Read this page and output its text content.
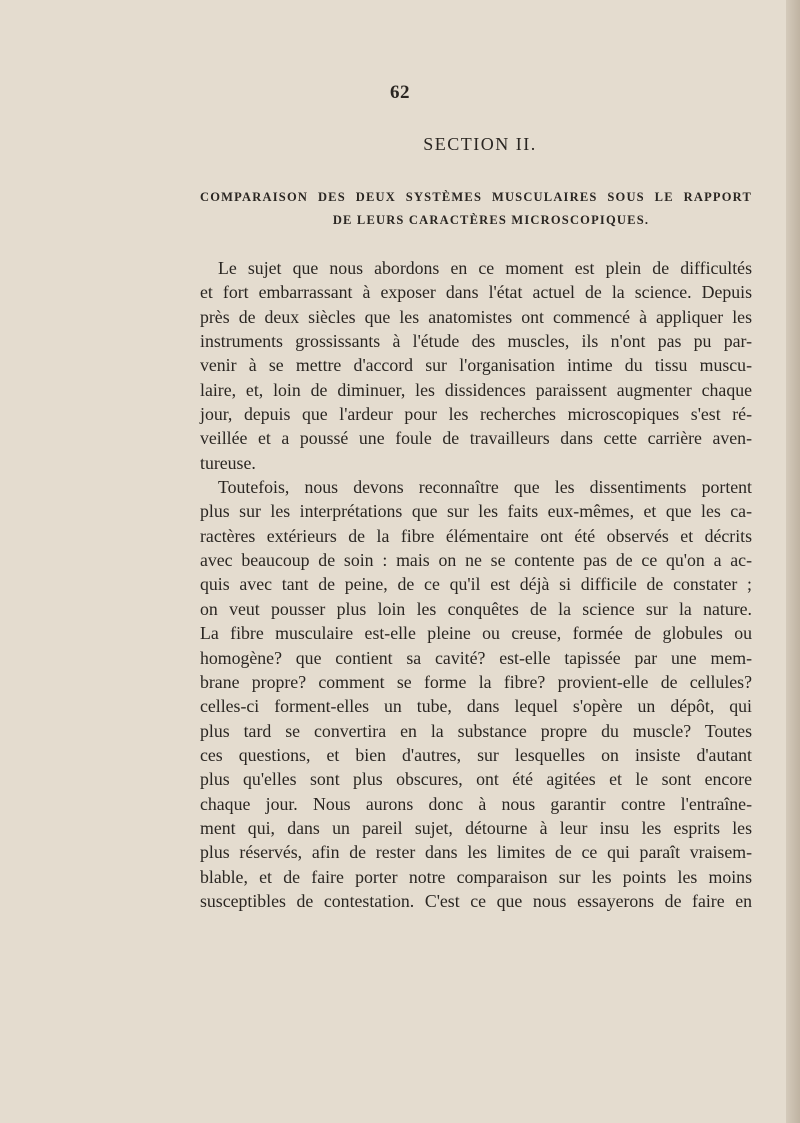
62
SECTION II.
COMPARAISON DES DEUX SYSTÈMES MUSCULAIRES SOUS LE RAPPORT
DE LEURS CARACTÈRES MICROSCOPIQUES.
Le sujet que nous abordons en ce moment est plein de difficultés
et fort embarrassant à exposer dans l'état actuel de la science. Depuis
près de deux siècles que les anatomistes ont commencé à appliquer les
instruments grossissants à l'étude des muscles, ils n'ont pas pu par-
venir à se mettre d'accord sur l'organisation intime du tissu muscu-
laire, et, loin de diminuer, les dissidences paraissent augmenter chaque
jour, depuis que l'ardeur pour les recherches microscopiques s'est ré-
veillée et a poussé une foule de travailleurs dans cette carrière aven-
tureuse.
Toutefois, nous devons reconnaître que les dissentiments portent
plus sur les interprétations que sur les faits eux-mêmes, et que les ca-
ractères extérieurs de la fibre élémentaire ont été observés et décrits
avec beaucoup de soin : mais on ne se contente pas de ce qu'on a ac-
quis avec tant de peine, de ce qu'il est déjà si difficile de constater ;
on veut pousser plus loin les conquêtes de la science sur la nature.
La fibre musculaire est-elle pleine ou creuse, formée de globules ou
homogène? que contient sa cavité? est-elle tapissée par une mem-
brane propre? comment se forme la fibre? provient-elle de cellules?
celles-ci forment-elles un tube, dans lequel s'opère un dépôt, qui
plus tard se convertira en la substance propre du muscle? Toutes
ces questions, et bien d'autres, sur lesquelles on insiste d'autant
plus qu'elles sont plus obscures, ont été agitées et le sont encore
chaque jour. Nous aurons donc à nous garantir contre l'entraîne-
ment qui, dans un pareil sujet, détourne à leur insu les esprits les
plus réservés, afin de rester dans les limites de ce qui paraît vraisem-
blable, et de faire porter notre comparaison sur les points les moins
susceptibles de contestation. C'est ce que nous essayerons de faire en
